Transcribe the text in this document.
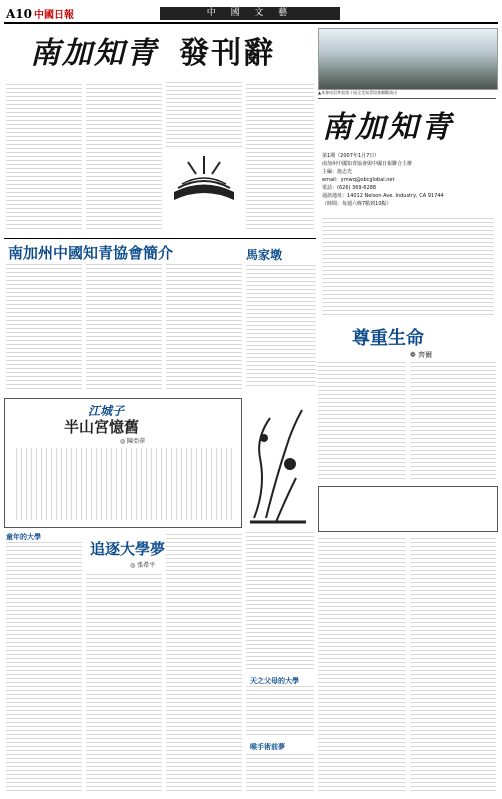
A10 中國日報	中 國 文 藝
南加知青 發刊辭
▲本會成員參加第十屆全美知青協會聯歡演出
南加知青
第1期（2007年1月7日）
南加州中國知青協會與中國日報聯合主辦
主編：施志光
email：ymwq@sbcglobal.net
電話：(626) 369-6288
通訊地址：14012 Nelson Ave. Industry, CA 91744
（時間：每週六晚7點到10點）
南加州中國知青協會簡介	馬家墩
尊重生命
❁ 齊爾
江城子
半山宮憶舊
◎ 陳亞萍
童年的大學
追逐大學夢
◎ 張希平
天之父母的大學
喉手術前夢
